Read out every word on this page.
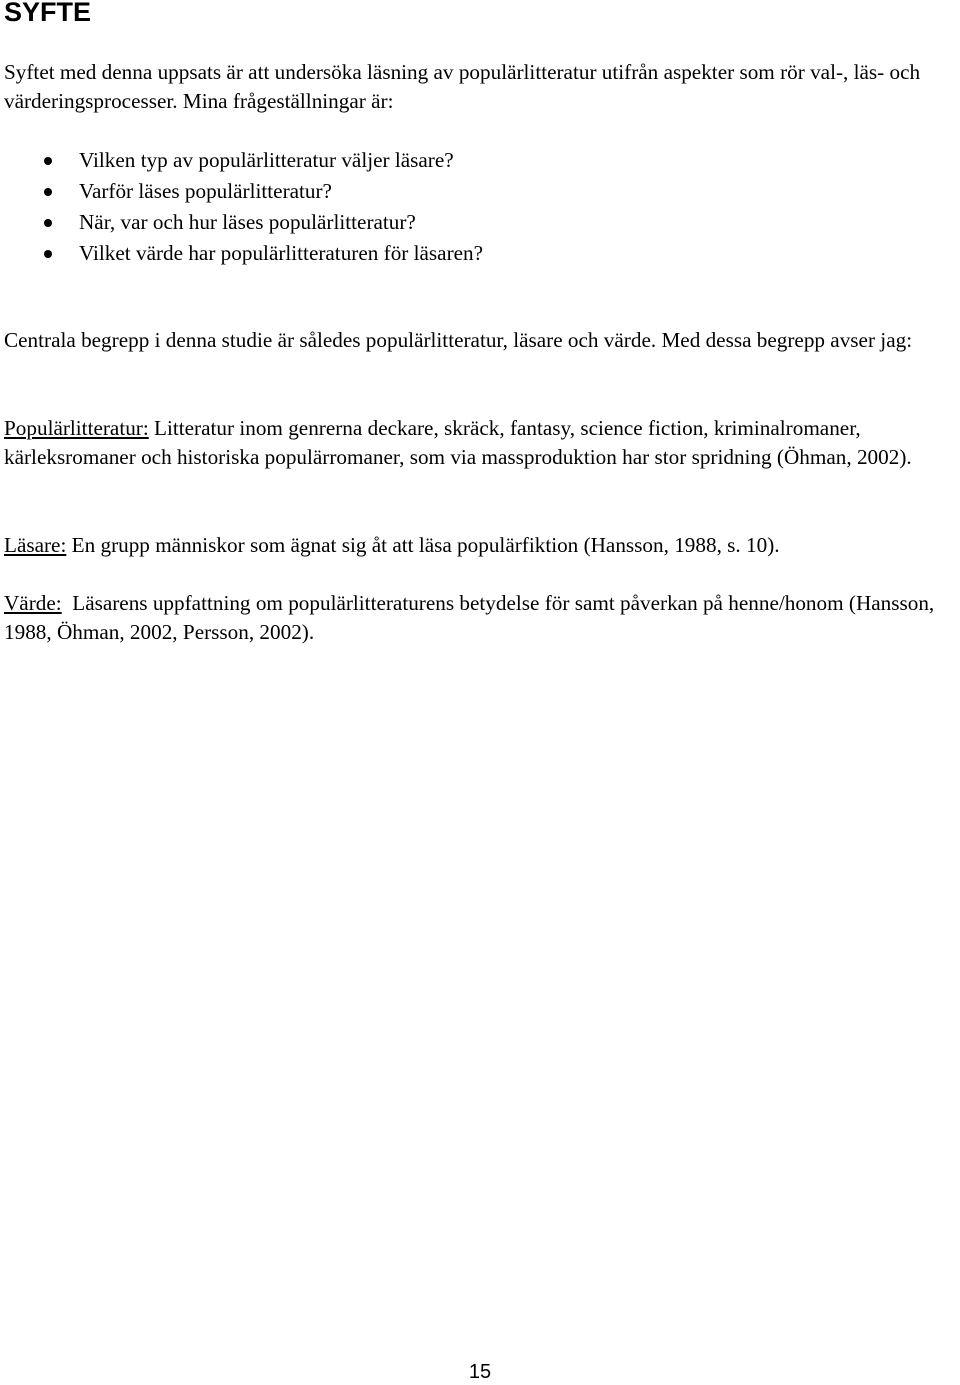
SYFTE

Syftet med denna uppsats är att undersöka läsning av populärlitteratur utifrån aspekter som rör val-, läs- och värderingsprocesser. Mina frågeställningar är:

Vilken typ av populärlitteratur väljer läsare?
Varför läses populärlitteratur?
När, var och hur läses populärlitteratur?
Vilket värde har populärlitteraturen för läsaren?

Centrala begrepp i denna studie är således populärlitteratur, läsare och värde. Med dessa begrepp avser jag:

Populärlitteratur: Litteratur inom genrerna deckare, skräck, fantasy, science fiction, kriminalromaner, kärleksromaner och historiska populärromaner, som via massproduktion har stor spridning (Öhman, 2002).

Läsare: En grupp människor som ägnat sig åt att läsa populärfiktion (Hansson, 1988, s. 10).

Värde:  Läsarens uppfattning om populärlitteraturens betydelse för samt påverkan på henne/honom (Hansson, 1988, Öhman, 2002, Persson, 2002).

15
